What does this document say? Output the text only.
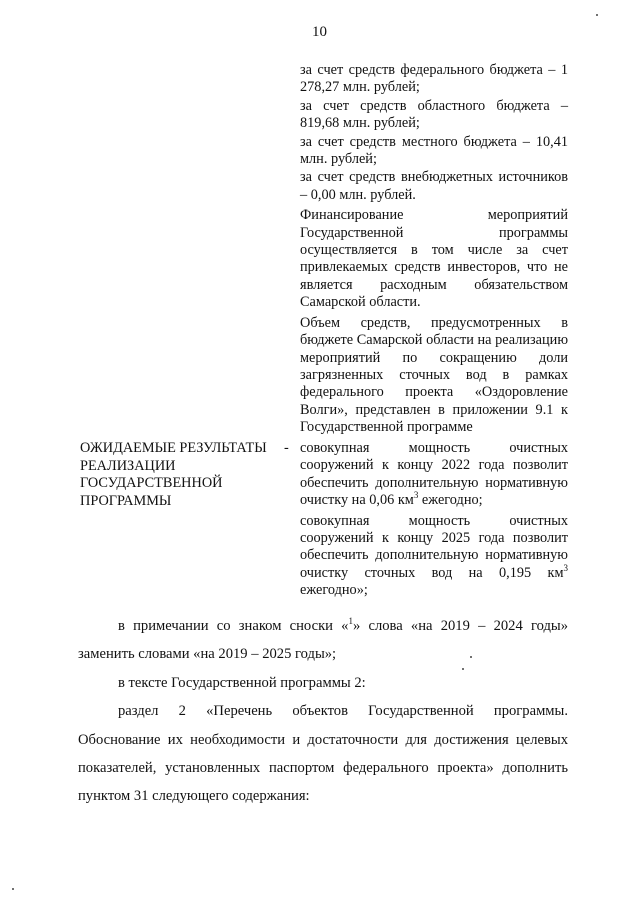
10

за счет средств федерального бюджета – 1 278,27 млн. рублей;

за счет средств областного бюджета – 819,68 млн. рублей;

за счет средств местного бюджета – 10,41 млн. рублей;

за счет средств внебюджетных источников – 0,00 млн. рублей.

Финансирование мероприятий Государственной программы осуществляется в том числе за счет привлекаемых средств инвесторов, что не является расходным обязательством Самарской области.

Объем средств, предусмотренных в бюджете Самарской области на реализацию мероприятий по сокращению доли загрязненных сточных вод в рамках федерального проекта «Оздоровление Волги», представлен в приложении 9.1 к Государственной программе

ОЖИДАЕМЫЕ РЕЗУЛЬТАТЫ РЕАЛИЗАЦИИ ГОСУДАРСТВЕННОЙ ПРОГРАММЫ
- совокупная мощность очистных сооружений к концу 2022 года позволит обеспечить дополнительную нормативную очистку на 0,06 $км^3$ ежегодно;

совокупная мощность очистных сооружений к концу 2025 года позволит обеспечить дополнительную нормативную очистку сточных вод на 0,195 $км^3$ ежегодно»;

в примечании со знаком сноски «$^1$» слова «на 2019 – 2024 годы» заменить словами «на 2019 – 2025 годы»;

в тексте Государственной программы 2:

раздел 2 «Перечень объектов Государственной программы. Обоснование их необходимости и достаточности для достижения целевых показателей, установленных паспортом федерального проекта» дополнить пунктом 31 следующего содержания:
